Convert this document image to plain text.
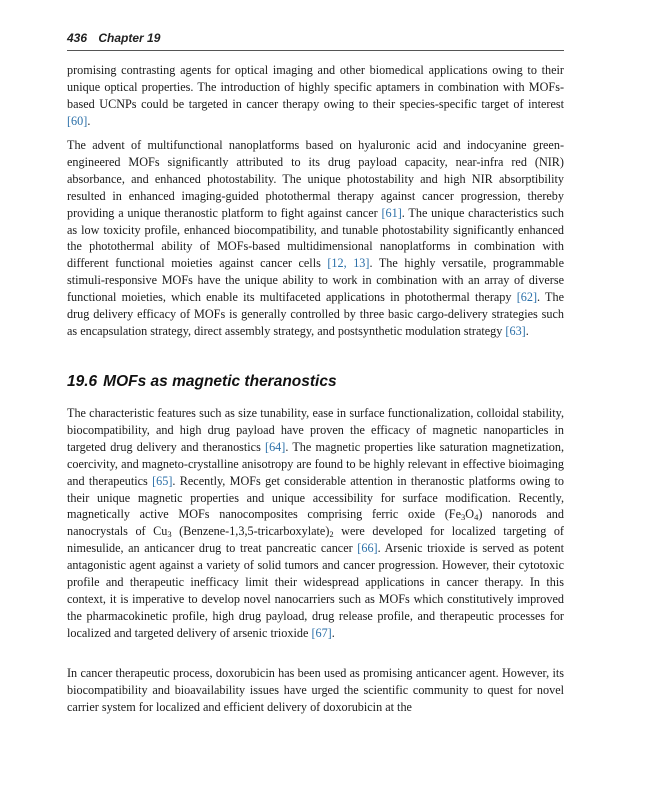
436 Chapter 19

promising contrasting agents for optical imaging and other biomedical applications owing to their unique optical properties. The introduction of highly specific aptamers in combination with MOFs-based UCNPs could be targeted in cancer therapy owing to their species-specific target of interest [60].

The advent of multifunctional nanoplatforms based on hyaluronic acid and indocyanine green-engineered MOFs significantly attributed to its drug payload capacity, near-infra red (NIR) absorbance, and enhanced photostability. The unique photostability and high NIR absorptibility resulted in enhanced imaging-guided photothermal therapy against cancer progression, thereby providing a unique theranostic platform to fight against cancer [61]. The unique characteristics such as low toxicity profile, enhanced biocompatibility, and tunable photostability significantly enhanced the photothermal ability of MOFs-based multidimensional nanoplatforms in combination with different functional moieties against cancer cells [12, 13]. The highly versatile, programmable stimuli-responsive MOFs have the unique ability to work in combination with an array of diverse functional moieties, which enable its multifaceted applications in photothermal therapy [62]. The drug delivery efficacy of MOFs is generally controlled by three basic cargo-delivery strategies such as encapsulation strategy, direct assembly strategy, and postsynthetic modulation strategy [63].

19.6 MOFs as magnetic theranostics

The characteristic features such as size tunability, ease in surface functionalization, colloidal stability, biocompatibility, and high drug payload have proven the efficacy of magnetic nanoparticles in targeted drug delivery and theranostics [64]. The magnetic properties like saturation magnetization, coercivity, and magneto-crystalline anisotropy are found to be highly relevant in effective bioimaging and therapeutics [65]. Recently, MOFs get considerable attention in theranostic platforms owing to their unique magnetic properties and unique accessibility for surface modification. Recently, magnetically active MOFs nanocomposites comprising ferric oxide $(Fe_3O_4)$ nanorods and nanocrystals of $Cu_3$ $(Benzene-1,3,5-tricarboxylate)_2$ were developed for localized targeting of nimesulide, an anticancer drug to treat pancreatic cancer [66]. Arsenic trioxide is served as potent antagonistic agent against a variety of solid tumors and cancer progression. However, their cytotoxic profile and therapeutic inefficacy limit their widespread applications in cancer therapy. In this context, it is imperative to develop novel nanocarriers such as MOFs which constitutively improved the pharmacokinetic profile, high drug payload, drug release profile, and therapeutic processes for localized and targeted delivery of arsenic trioxide [67].

In cancer therapeutic process, doxorubicin has been used as promising anticancer agent. However, its biocompatibility and bioavailability issues have urged the scientific community to quest for novel carrier system for localized and efficient delivery of doxorubicin at the
